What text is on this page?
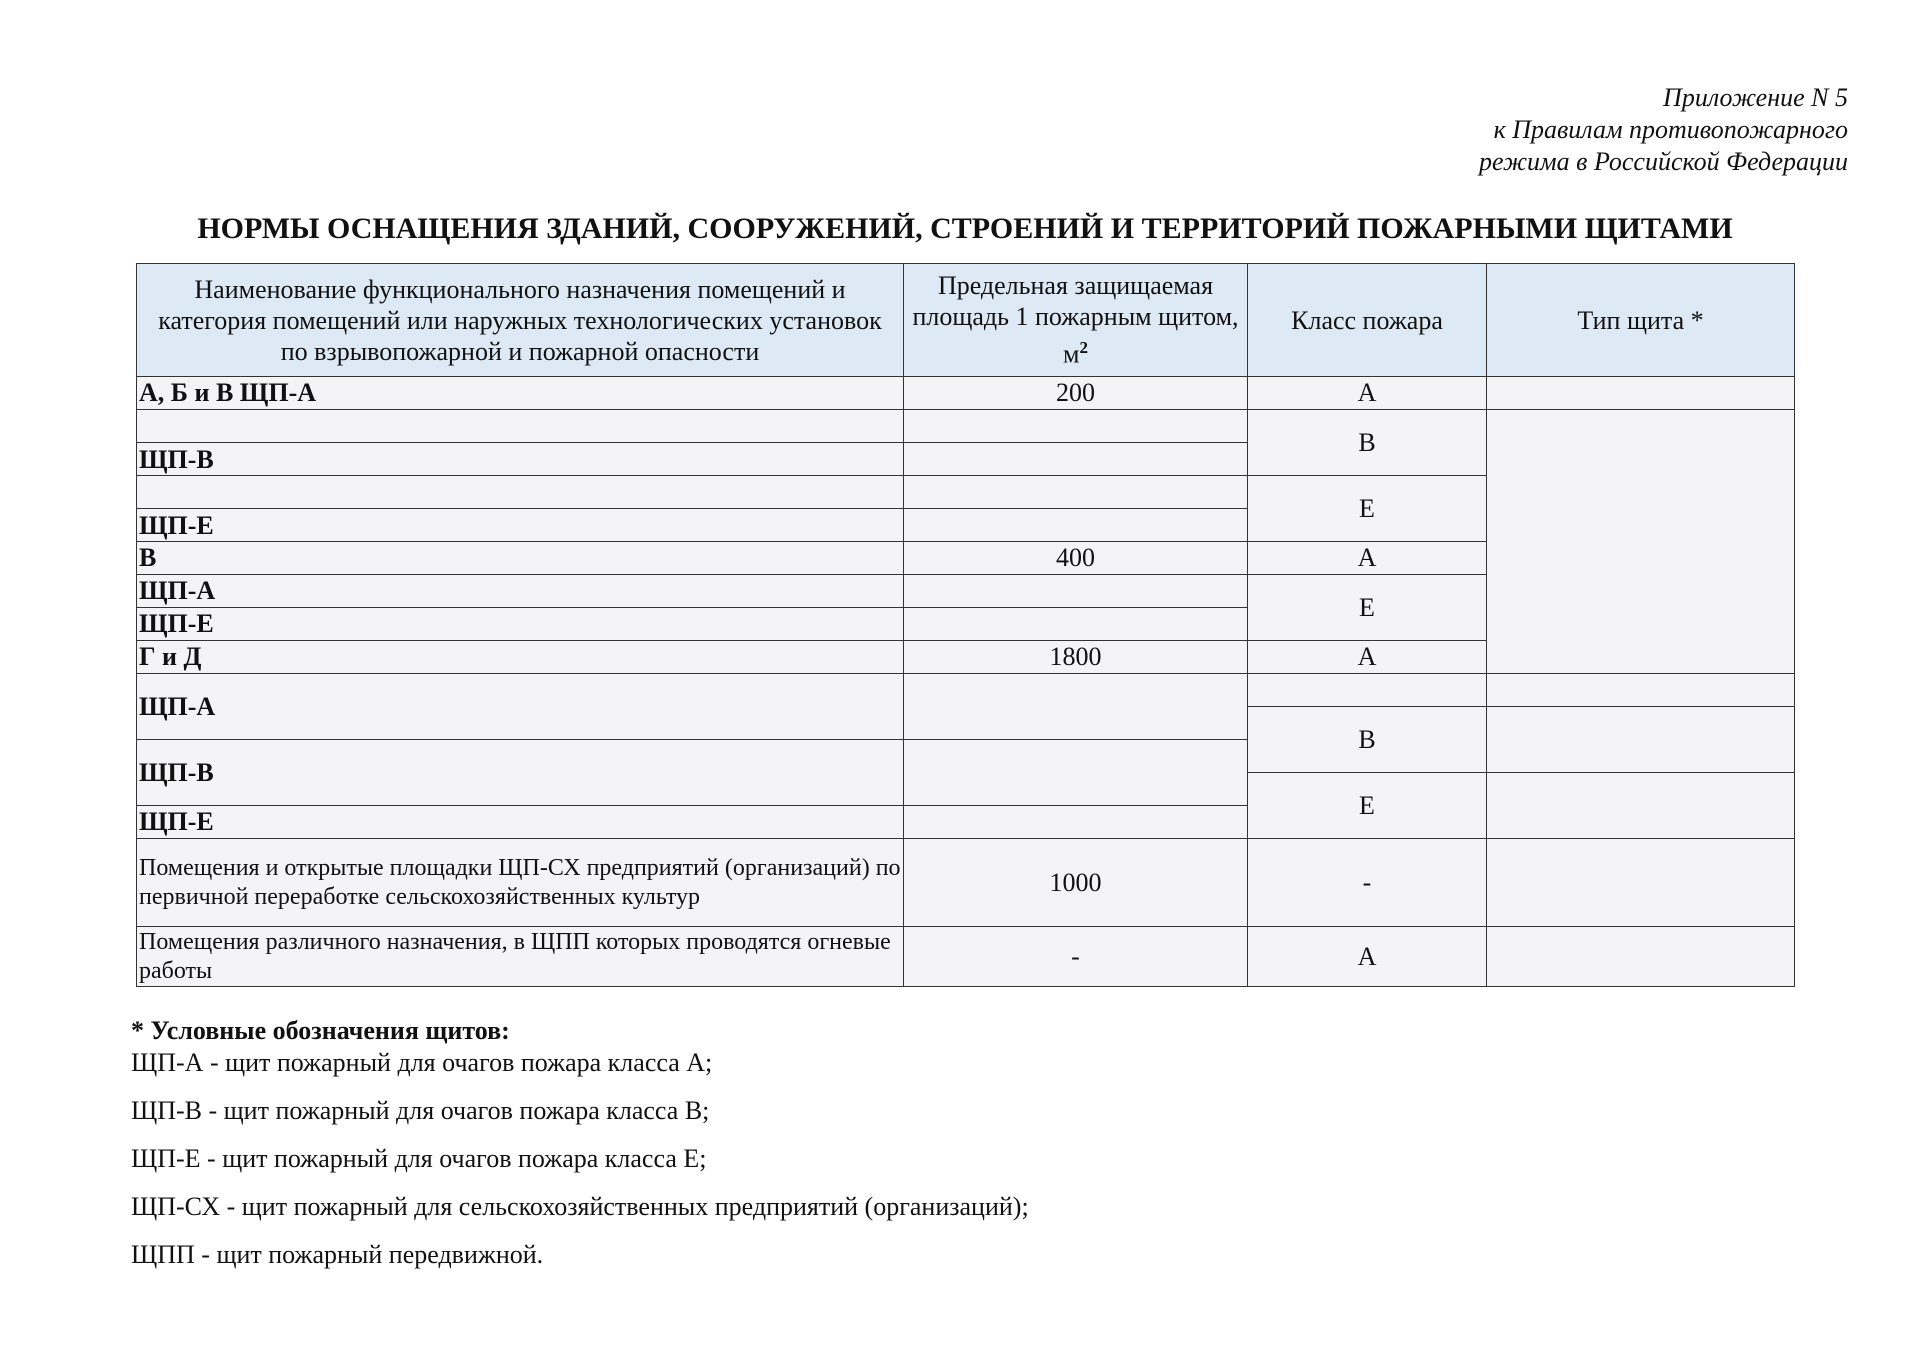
Приложение N 5
к Правилам противопожарного
режима в Российской Федерации
НОРМЫ ОСНАЩЕНИЯ ЗДАНИЙ, СООРУЖЕНИЙ, СТРОЕНИЙ И ТЕРРИТОРИЙ ПОЖАРНЫМИ ЩИТАМИ
Наименование функционального назначения помещений и категория помещений или наружных технологических установок по взрывопожарной и пожарной опасности	Предельная защищаемая площадь 1 пожарным щитом, $м^2$	Класс пожара	Тип щита *
А, Б и В ЩП-А	200	А	
		В	
ЩП-В			
		Е	
ЩП-Е			
В	400	А	
ЩП-А		Е	
ЩП-Е			
Г и Д	1800	А	
ЩП-А			
		В	
ЩП-В			
		Е	
ЩП-Е			
Помещения и открытые площадки ЩП-СХ предприятий (организаций) по первичной переработке сельскохозяйственных культур	1000	-	
Помещения различного назначения, в ЩПП которых проводятся огневые работы	-	А	
* Условные обозначения щитов:
ЩП-А - щит пожарный для очагов пожара класса А;
ЩП-В - щит пожарный для очагов пожара класса В;
ЩП-Е - щит пожарный для очагов пожара класса Е;
ЩП-СХ - щит пожарный для сельскохозяйственных предприятий (организаций);
ЩПП - щит пожарный передвижной.
